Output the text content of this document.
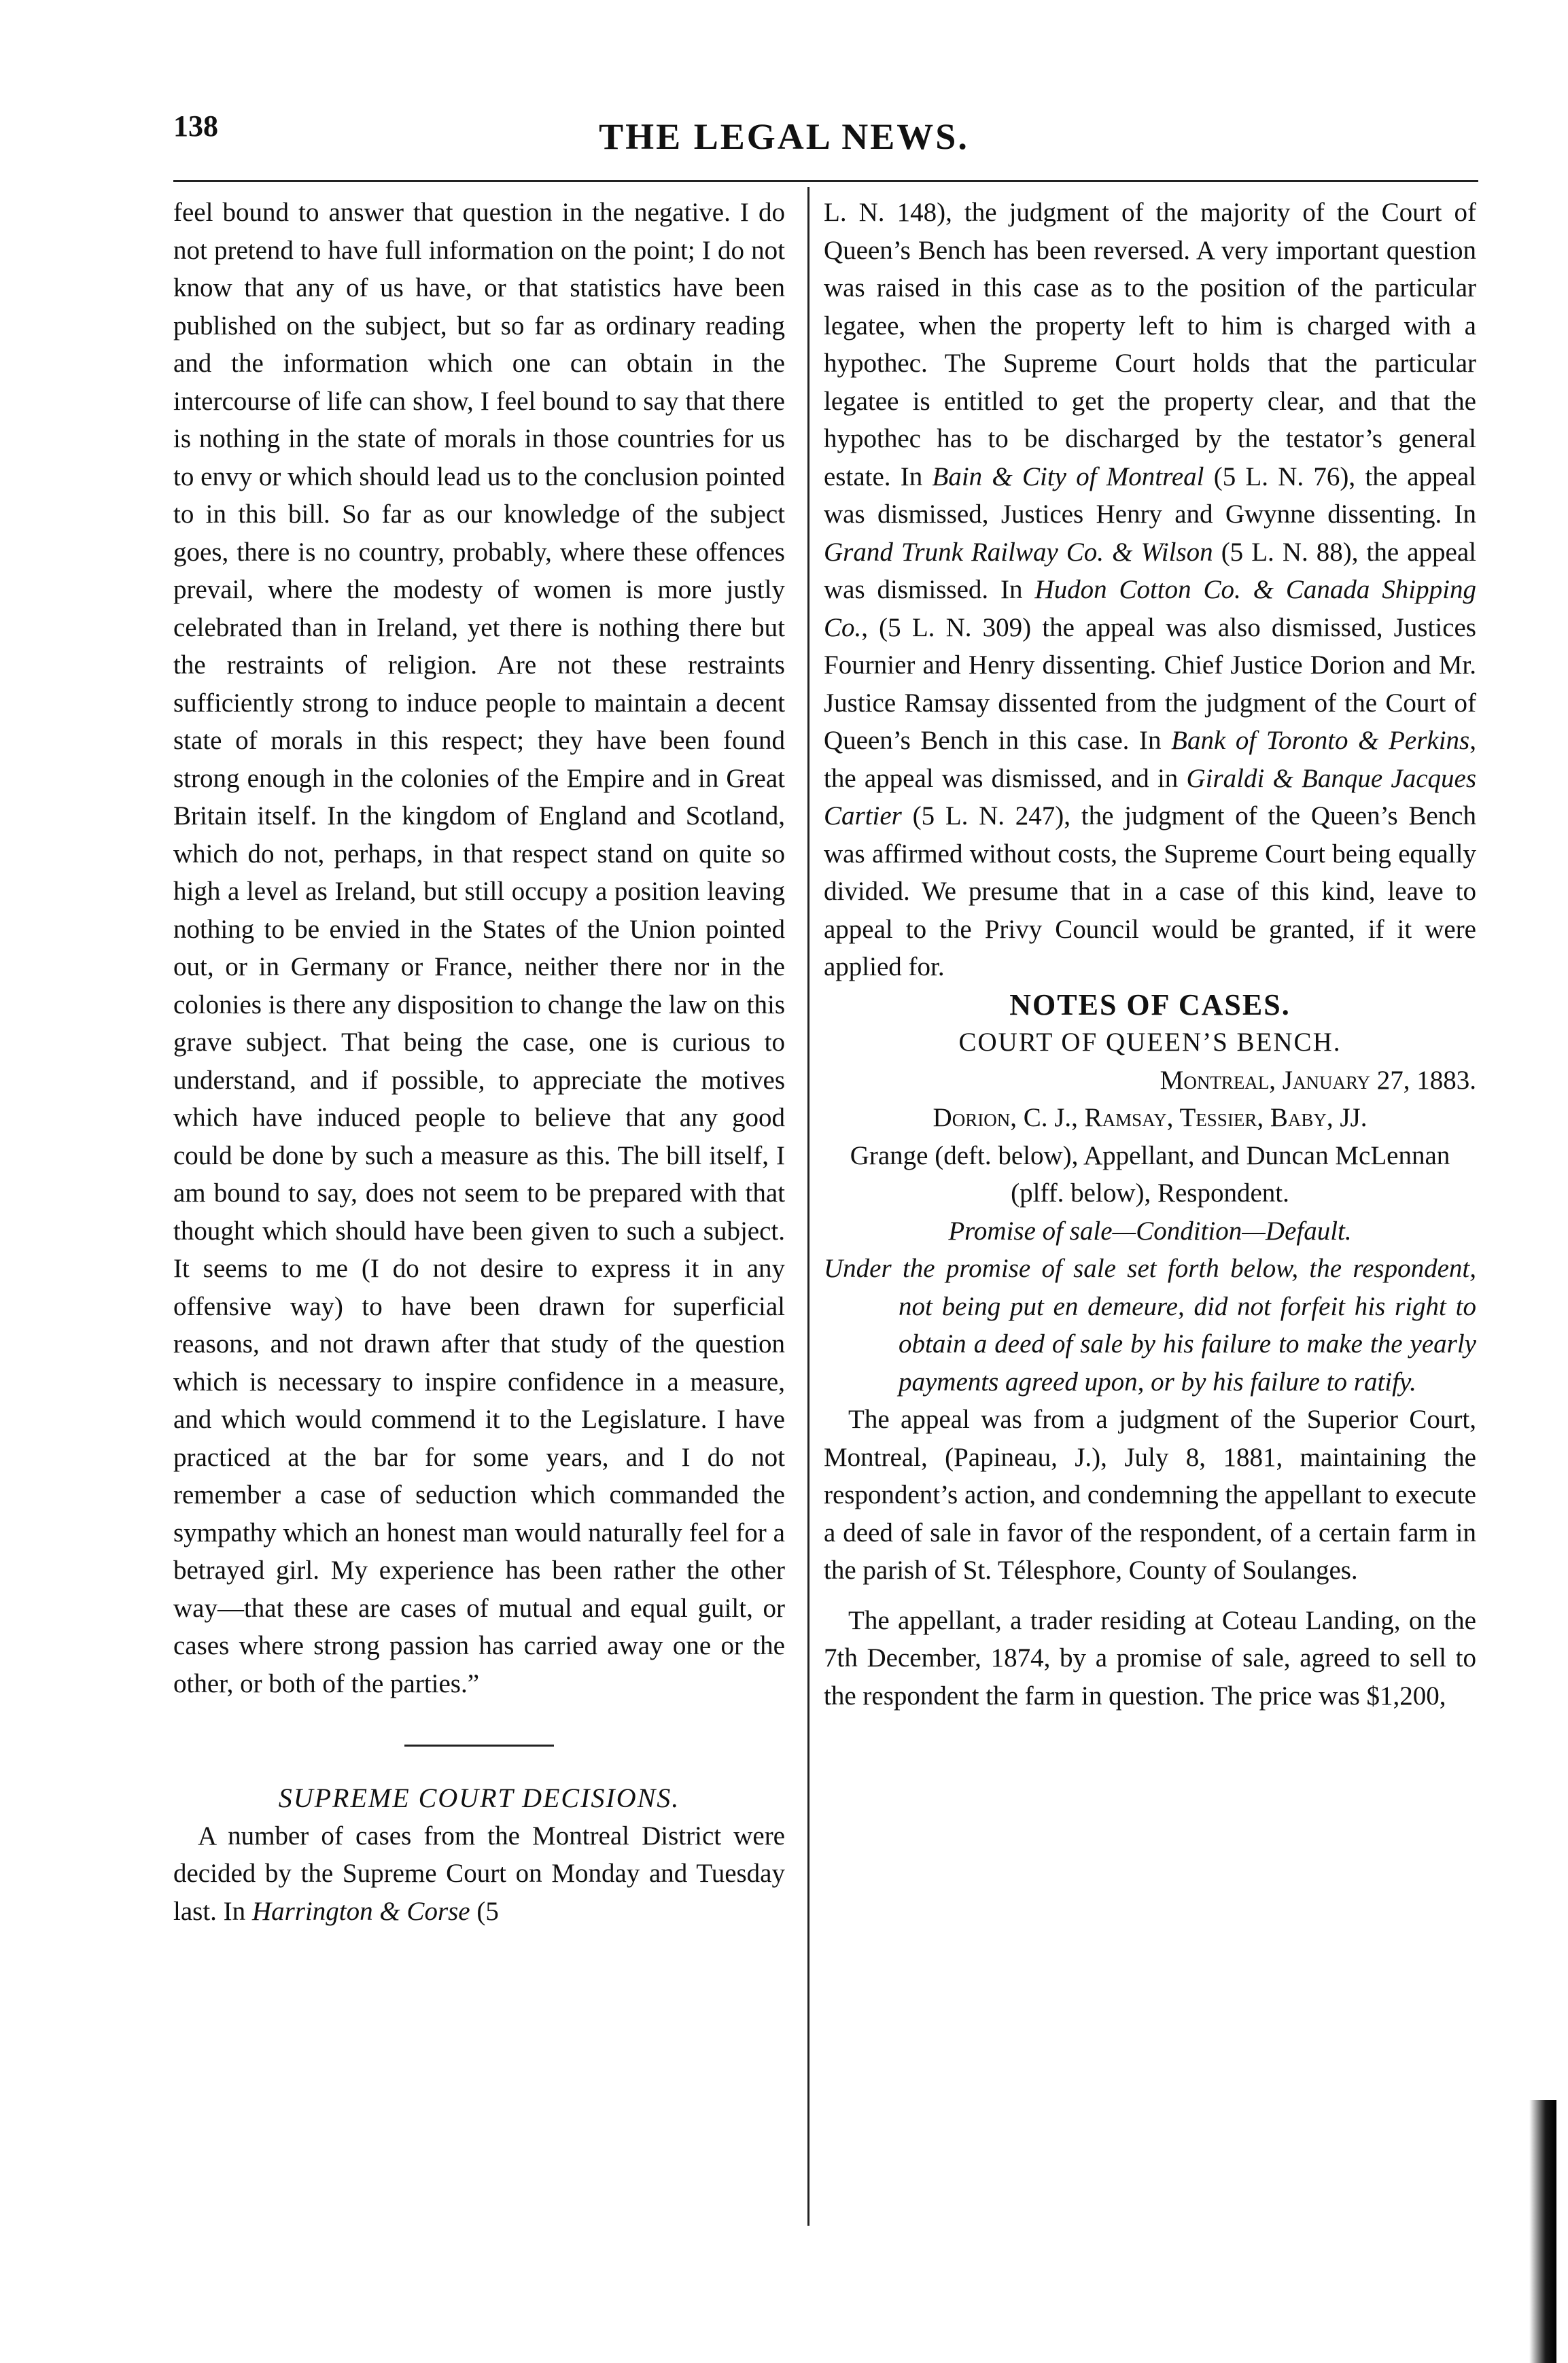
138	THE LEGAL NEWS.

feel bound to answer that question in the negative. I do not pretend to have full information on the point; I do not know that any of us have, or that statistics have been published on the subject, but so far as ordinary reading and the information which one can obtain in the intercourse of life can show, I feel bound to say that there is nothing in the state of morals in those countries for us to envy or which should lead us to the conclusion pointed to in this bill. So far as our knowledge of the subject goes, there is no country, probably, where these offences prevail, where the modesty of women is more justly celebrated than in Ireland, yet there is nothing there but the restraints of religion. Are not these restraints sufficiently strong to induce people to maintain a decent state of morals in this respect; they have been found strong enough in the colonies of the Empire and in Great Britain itself. In the kingdom of England and Scotland, which do not, perhaps, in that respect stand on quite so high a level as Ireland, but still occupy a position leaving nothing to be envied in the States of the Union pointed out, or in Germany or France, neither there nor in the colonies is there any disposition to change the law on this grave subject. That being the case, one is curious to understand, and if possible, to appreciate the motives which have induced people to believe that any good could be done by such a measure as this. The bill itself, I am bound to say, does not seem to be prepared with that thought which should have been given to such a subject. It seems to me (I do not desire to express it in any offensive way) to have been drawn for superficial reasons, and not drawn after that study of the question which is necessary to inspire confidence in a measure, and which would commend it to the Legislature. I have practiced at the bar for some years, and I do not remember a case of seduction which commanded the sympathy which an honest man would naturally feel for a betrayed girl. My experience has been rather the other way—that these are cases of mutual and equal guilt, or cases where strong passion has carried away one or the other, or both of the parties.”

SUPREME COURT DECISIONS.

A number of cases from the Montreal District were decided by the Supreme Court on Monday and Tuesday last. In Harrington & Corse (5

L. N. 148), the judgment of the majority of the Court of Queen’s Bench has been reversed. A very important question was raised in this case as to the position of the particular legatee, when the property left to him is charged with a hypothec. The Supreme Court holds that the particular legatee is entitled to get the property clear, and that the hypothec has to be discharged by the testator’s general estate. In Bain & City of Montreal (5 L. N. 76), the appeal was dismissed, Justices Henry and Gwynne dissenting. In Grand Trunk Railway Co. & Wilson (5 L. N. 88), the appeal was dismissed. In Hudon Cotton Co. & Canada Shipping Co., (5 L. N. 309) the appeal was also dismissed, Justices Fournier and Henry dissenting. Chief Justice Dorion and Mr. Justice Ramsay dissented from the judgment of the Court of Queen’s Bench in this case. In Bank of Toronto & Perkins, the appeal was dismissed, and in Giraldi & Banque Jacques Cartier (5 L. N. 247), the judgment of the Queen’s Bench was affirmed without costs, the Supreme Court being equally divided. We presume that in a case of this kind, leave to appeal to the Privy Council would be granted, if it were applied for.

NOTES OF CASES.

COURT OF QUEEN’S BENCH.

Montreal, January 27, 1883.

Dorion, C. J., Ramsay, Tessier, Baby, JJ.

Grange (deft. below), Appellant, and Duncan McLennan (plff. below), Respondent.

Promise of sale—Condition—Default.

Under the promise of sale set forth below, the respondent, not being put en demeure, did not forfeit his right to obtain a deed of sale by his failure to make the yearly payments agreed upon, or by his failure to ratify.

The appeal was from a judgment of the Superior Court, Montreal, (Papineau, J.), July 8, 1881, maintaining the respondent’s action, and condemning the appellant to execute a deed of sale in favor of the respondent, of a certain farm in the parish of St. Télesphore, County of Soulanges.

The appellant, a trader residing at Coteau Landing, on the 7th December, 1874, by a promise of sale, agreed to sell to the respondent the farm in question. The price was $1,200,
